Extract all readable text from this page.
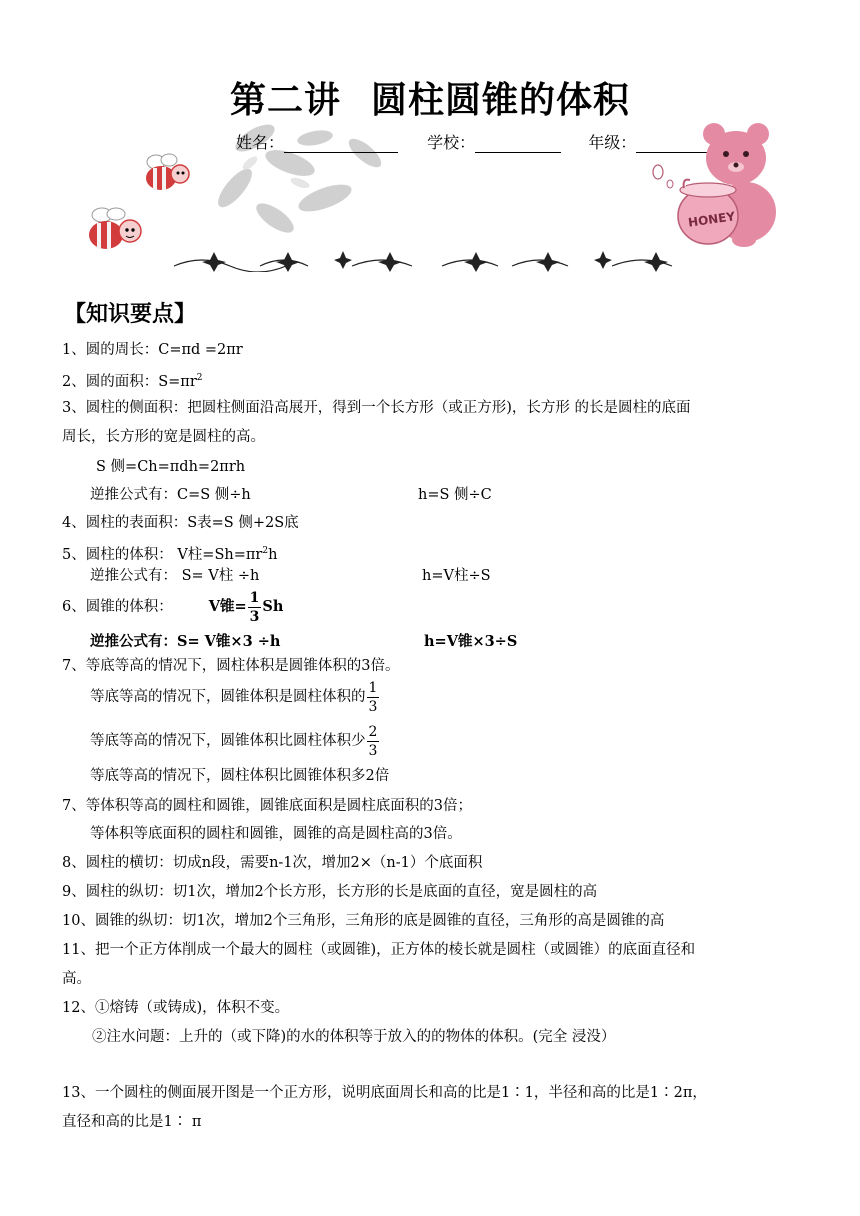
第二讲 圆柱圆锥的体积
姓名：	学校：	年级：
HONEY
【知识要点】
1、圆的周长：C=πd =2πr
2、圆的面积：$S=\pi r^2$
3、圆柱的侧面积：把圆柱侧面沿高展开，得到一个长方形（或正方形)，长方形 的长是圆柱的底面
周长，长方形的宽是圆柱的高。
S 侧=Ch=πdh=2πrh
逆推公式有：C=S 侧÷h	h=S 侧÷C
4、圆柱的表面积：S表=S 侧+2S底
5、圆柱的体积： V柱$=Sh=\pi r^2h$
逆推公式有： S= V柱 ÷h	h=V柱÷S
6、圆锥的体积： V锥= $\frac{1}{3}$ Sh
逆推公式有：S= V锥×3 ÷h	h=V锥×3÷S
7、等底等高的情况下，圆柱体积是圆锥体积的3倍。
等底等高的情况下，圆锥体积是圆柱体积的 $\frac{1}{3}$
等底等高的情况下，圆锥体积比圆柱体积少 $\frac{2}{3}$
等底等高的情况下，圆柱体积比圆锥体积多2倍
7、等体积等高的圆柱和圆锥，圆锥底面积是圆柱底面积的3倍；
等体积等底面积的圆柱和圆锥，圆锥的高是圆柱高的3倍。
8、圆柱的横切：切成n段，需要n-1次，增加2×（n-1）个底面积
9、圆柱的纵切：切1次，增加2个长方形，长方形的长是底面的直径，宽是圆柱的高
10、圆锥的纵切：切1次，增加2个三角形，三角形的底是圆锥的直径，三角形的高是圆锥的高
11、把一个正方体削成一个最大的圆柱（或圆锥)，正方体的棱长就是圆柱（或圆锥）的底面直径和
高。
12、①熔铸（或铸成)，体积不变。
②注水问题：上升的（或下降)的水的体积等于放入的的物体的体积。(完全 浸没）
13、一个圆柱的侧面展开图是一个正方形，说明底面周长和高的比是1∶1，半径和高的比是1∶2π，
直径和高的比是1∶ π
